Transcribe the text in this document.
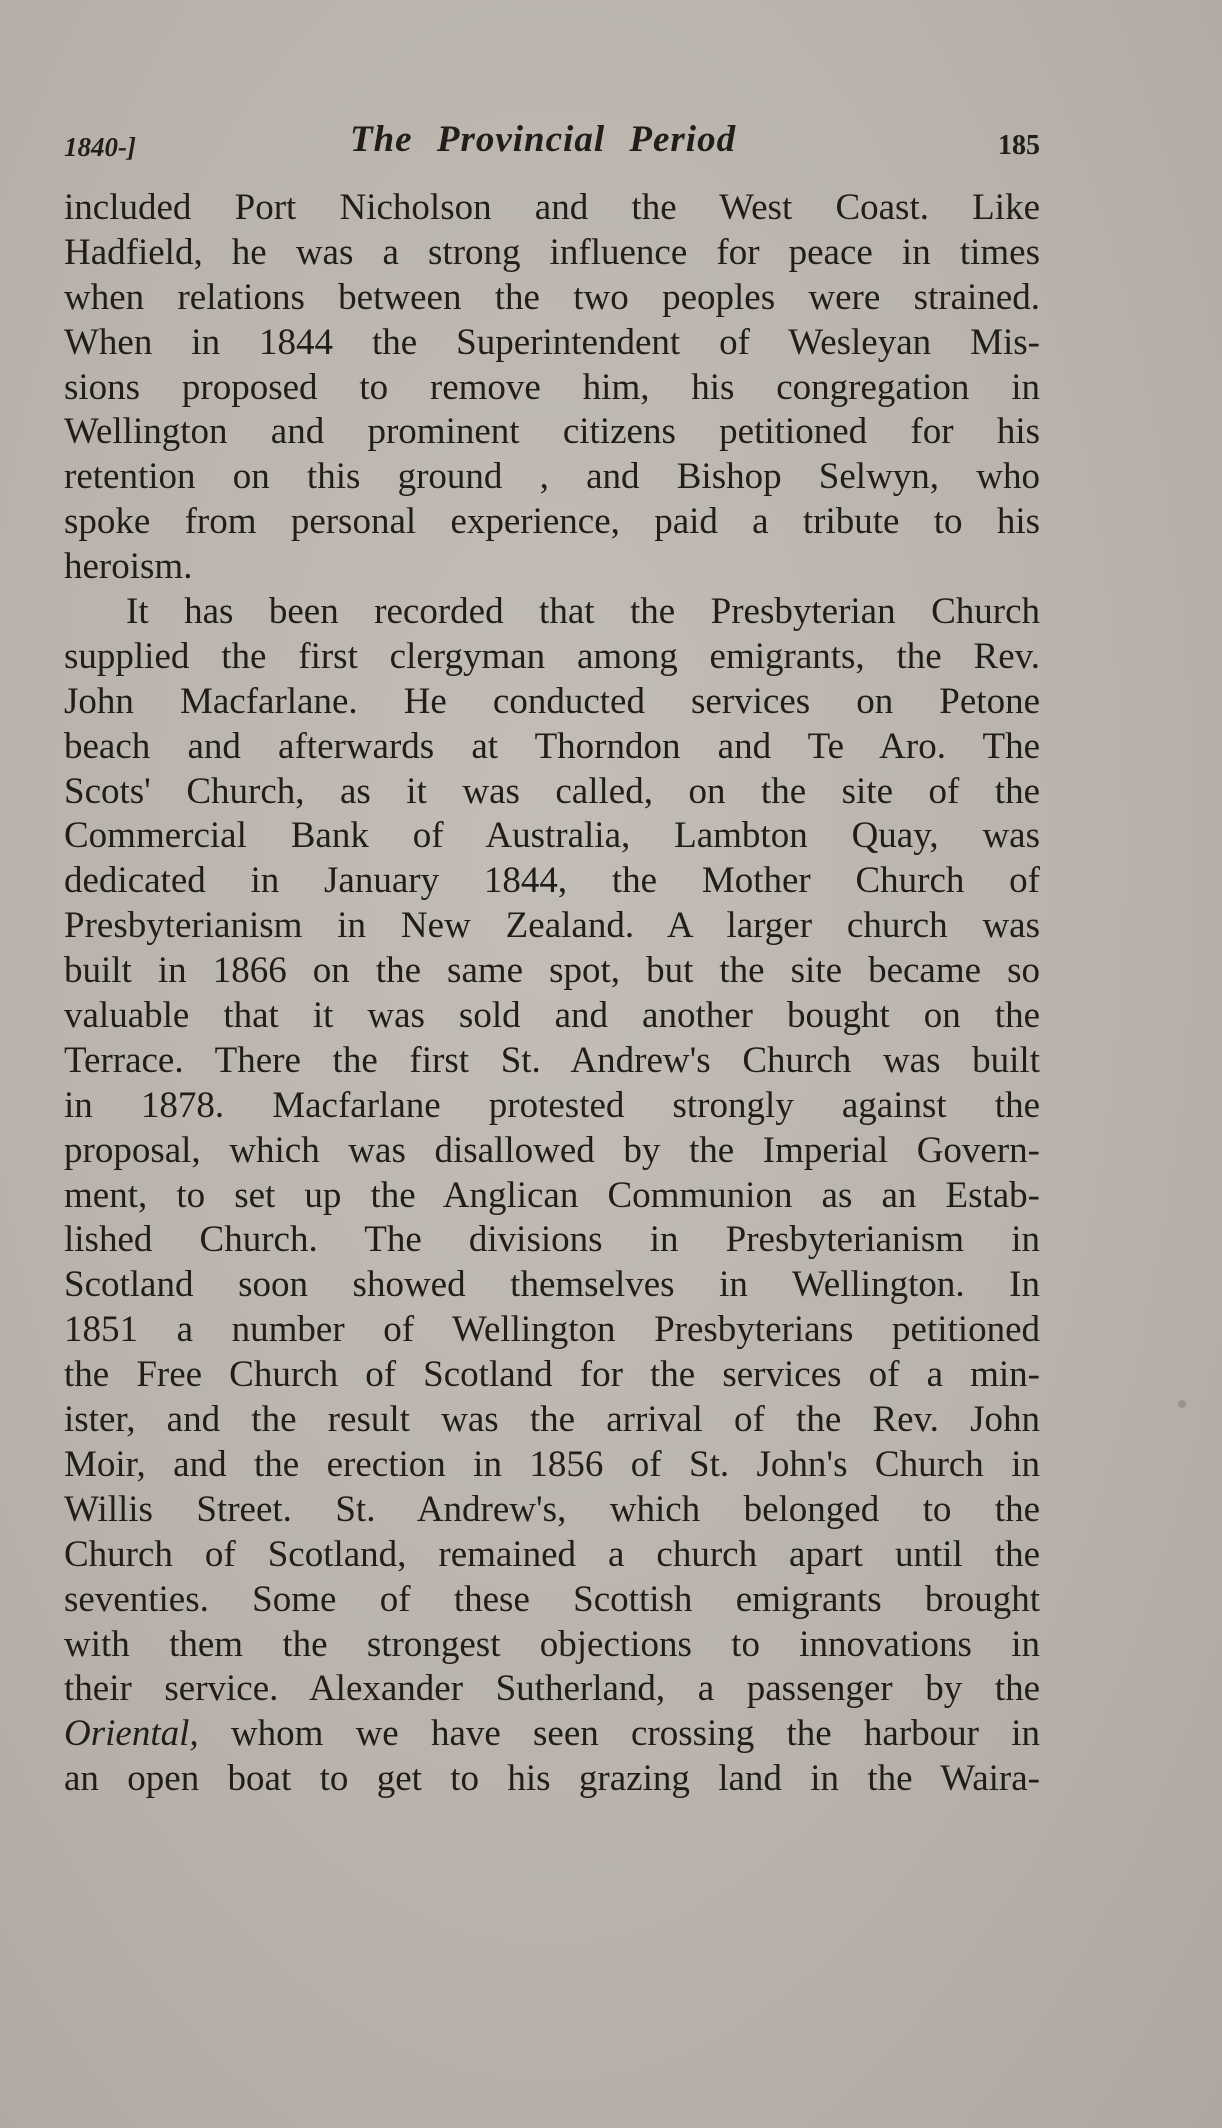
1840-]	The Provincial Period	185
included Port Nicholson and the West Coast. Like
Hadfield, he was a strong influence for peace in times
when relations between the two peoples were strained.
When in 1844 the Superintendent of Wesleyan Mis-
sions proposed to remove him, his congregation in
Wellington and prominent citizens petitioned for his
retention on this ground , and Bishop Selwyn, who
spoke from personal experience, paid a tribute to his
heroism.
It has been recorded that the Presbyterian Church
supplied the first clergyman among emigrants, the Rev.
John Macfarlane. He conducted services on Petone
beach and afterwards at Thorndon and Te Aro. The
Scots' Church, as it was called, on the site of the
Commercial Bank of Australia, Lambton Quay, was
dedicated in January 1844, the Mother Church of
Presbyterianism in New Zealand. A larger church was
built in 1866 on the same spot, but the site became so
valuable that it was sold and another bought on the
Terrace. There the first St. Andrew's Church was built
in 1878. Macfarlane protested strongly against the
proposal, which was disallowed by the Imperial Govern-
ment, to set up the Anglican Communion as an Estab-
lished Church. The divisions in Presbyterianism in
Scotland soon showed themselves in Wellington. In
1851 a number of Wellington Presbyterians petitioned
the Free Church of Scotland for the services of a min-
ister, and the result was the arrival of the Rev. John
Moir, and the erection in 1856 of St. John's Church in
Willis Street. St. Andrew's, which belonged to the
Church of Scotland, remained a church apart until the
seventies. Some of these Scottish emigrants brought
with them the strongest objections to innovations in
their service. Alexander Sutherland, a passenger by the
Oriental, whom we have seen crossing the harbour in
an open boat to get to his grazing land in the Waira-
